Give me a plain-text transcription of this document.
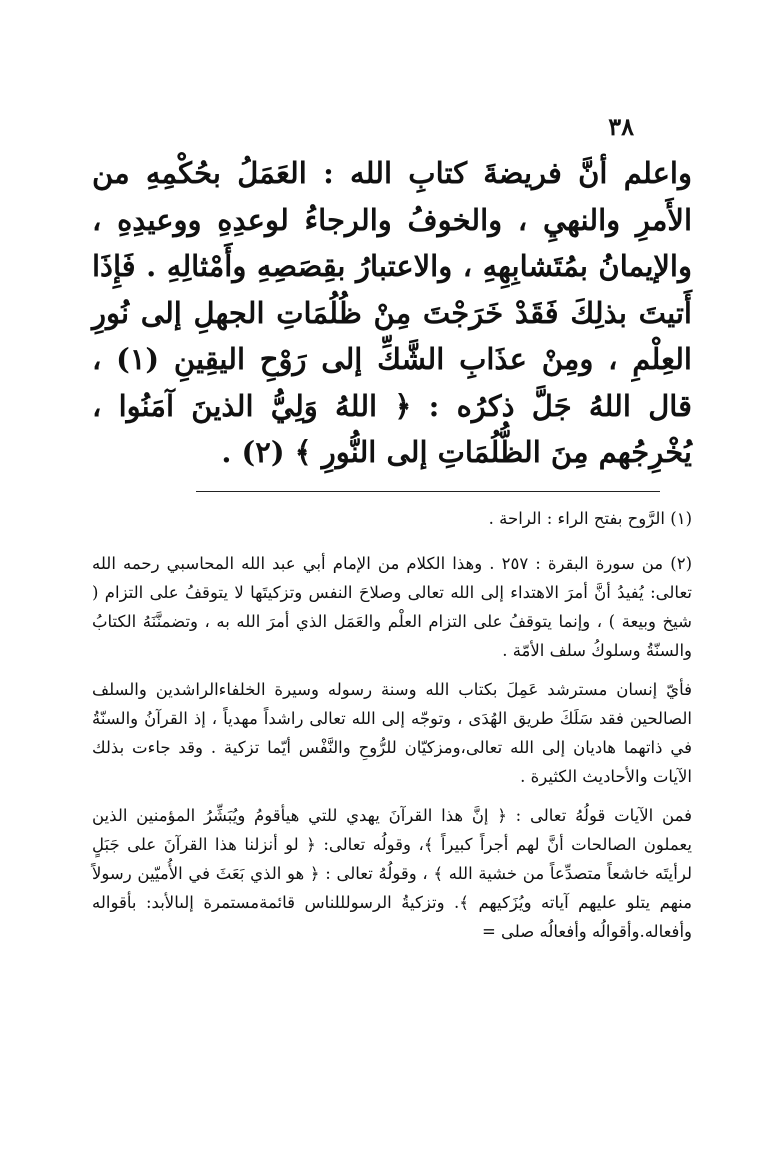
٣٨

واعلم أنَّ فريضةَ كتابِ الله : العَمَلُ بحُكْمِهِ من الأَمرِ والنهيِ ، والخوفُ والرجاءُ لوعدِهِ ووعيدِهِ ، والإيمانُ بمُتَشابِهِهِ ، والاعتبارُ بقِصَصِهِ وأَمْثالِهِ . فَإِذَا أَتيتَ بذلِكَ فَقَدْ خَرَجْتَ مِنْ ظُلُمَاتِ الجهلِ إلى نُورِ العِلْمِ ، ومِنْ عذَابِ الشَّكِّ إلى رَوْحِ اليقِينِ (١) ، قال اللهُ جَلَّ ذكرُه : ﴿ اللهُ وَلِيُّ الذينَ آمَنُوا ، يُخْرِجُهم مِنَ الظُّلُمَاتِ إلى النُّورِ ﴾ (٢) .

(١) الرَّوح بفتح الراء : الراحة .

(٢) من سورة البقرة : ٢٥٧ . وهذا الكلام من الإمام أبي عبد الله المحاسبي رحمه الله تعالى: يُفيدُ أنَّ أمرَ الاهتداء إلى الله تعالى وصلاحَ النفس وتزكيتَها لا يتوقفُ على التزام ( شيخ وبيعة ) ، وإنما يتوقفُ على التزام العلْم والعَمَل الذي أمرَ الله به ، وتضمنَّنَهُ الكتابُ والسنّةُ وسلوكُ سلف الأمّة .

فأيّ إنسان مسترشد عَمِلَ بكتاب الله وسنة رسوله وسيرة الخلفاءالراشدين والسلف الصالحين فقد سَلَكَ طريق الهُدَى ، وتوجّه إلى الله تعالى راشداً مهدياً ، إذ القرآنُ والسنّةُ في ذاتهما هاديان إلى الله تعالى،ومزكيّان للرُّوحِ والنَّفْس أيّما تزكية . وقد جاءت بذلك الآيات والأحاديث الكثيرة .

فمن الآيات قولُهُ تعالى : ﴿ إنَّ هذا القرآنَ يهدي للتي هيأقومُ ويُبَشِّرُ المؤمنين الذين يعملون الصالحات أنَّ لهم أجراً كبيراً ﴾، وقولُه تعالى: ﴿ لو أنزلنا هذا القرآنَ على جَبَلٍ لرأيتَه خاشعاً متصدِّعاً من خشية الله ﴾ ، وقولُهُ تعالى : ﴿ هو الذي بَعَثَ في الأُميّين رسولاً منهم يتلو عليهم آياته ويُزَكيهم ﴾. وتزكيةُ الرسولللناس قائمةمستمرة إلىالأبد: بأقواله وأفعاله.وأقوالُه وأفعالُه صلى =
